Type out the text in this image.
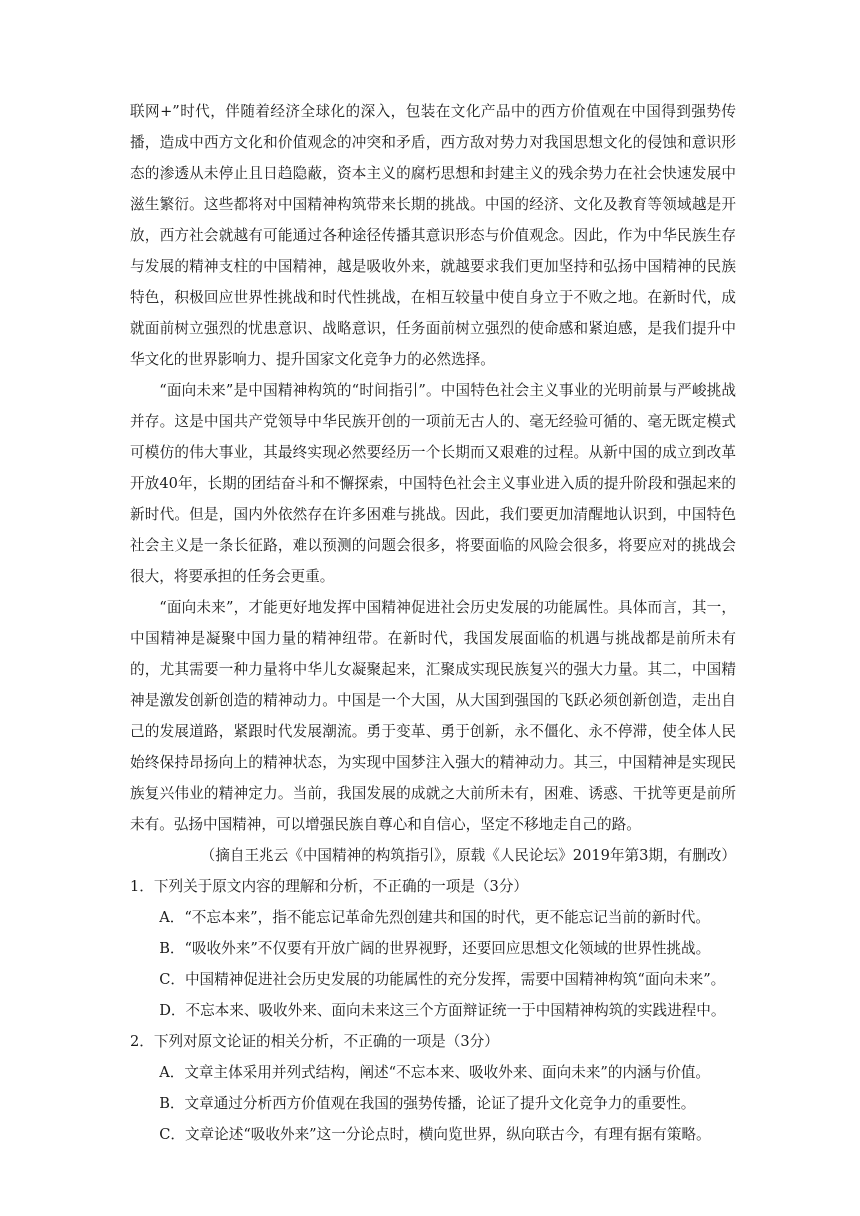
联网+”时代，伴随着经济全球化的深入，包装在文化产品中的西方价值观在中国得到强势传播，造成中西方文化和价值观念的冲突和矛盾，西方敌对势力对我国思想文化的侵蚀和意识形态的渗透从未停止且日趋隐蔽，资本主义的腐朽思想和封建主义的残余势力在社会快速发展中滋生繁衍。这些都将对中国精神构筑带来长期的挑战。中国的经济、文化及教育等领域越是开放，西方社会就越有可能通过各种途径传播其意识形态与价值观念。因此，作为中华民族生存与发展的精神支柱的中国精神，越是吸收外来，就越要求我们更加坚持和弘扬中国精神的民族特色，积极回应世界性挑战和时代性挑战，在相互较量中使自身立于不败之地。在新时代，成就面前树立强烈的忧患意识、战略意识，任务面前树立强烈的使命感和紧迫感，是我们提升中华文化的世界影响力、提升国家文化竞争力的必然选择。

“面向未来”是中国精神构筑的“时间指引”。中国特色社会主义事业的光明前景与严峻挑战并存。这是中国共产党领导中华民族开创的一项前无古人的、毫无经验可循的、毫无既定模式可模仿的伟大事业，其最终实现必然要经历一个长期而又艰难的过程。从新中国的成立到改革开放40年，长期的团结奋斗和不懈探索，中国特色社会主义事业进入质的提升阶段和强起来的新时代。但是，国内外依然存在许多困难与挑战。因此，我们要更加清醒地认识到，中国特色社会主义是一条长征路，难以预测的问题会很多，将要面临的风险会很多，将要应对的挑战会很大，将要承担的任务会更重。

“面向未来”，才能更好地发挥中国精神促进社会历史发展的功能属性。具体而言，其一，中国精神是凝聚中国力量的精神纽带。在新时代，我国发展面临的机遇与挑战都是前所未有的，尤其需要一种力量将中华儿女凝聚起来，汇聚成实现民族复兴的强大力量。其二，中国精神是激发创新创造的精神动力。中国是一个大国，从大国到强国的飞跃必须创新创造，走出自己的发展道路，紧跟时代发展潮流。勇于变革、勇于创新，永不僵化、永不停滞，使全体人民始终保持昂扬向上的精神状态，为实现中国梦注入强大的精神动力。其三，中国精神是实现民族复兴伟业的精神定力。当前，我国发展的成就之大前所未有，困难、诱惑、干扰等更是前所未有。弘扬中国精神，可以增强民族自尊心和自信心，坚定不移地走自己的路。

（摘自王兆云《中国精神的构筑指引》，原载《人民论坛》2019年第3期，有删改）

1．下列关于原文内容的理解和分析，不正确的一项是（3分）

A．“不忘本来”，指不能忘记革命先烈创建共和国的时代，更不能忘记当前的新时代。

B．“吸收外来”不仅要有开放广阔的世界视野，还要回应思想文化领域的世界性挑战。

C．中国精神促进社会历史发展的功能属性的充分发挥，需要中国精神构筑“面向未来”。

D．不忘本来、吸收外来、面向未来这三个方面辩证统一于中国精神构筑的实践进程中。

2．下列对原文论证的相关分析，不正确的一项是（3分）

A．文章主体采用并列式结构，阐述“不忘本来、吸收外来、面向未来”的内涵与价值。

B．文章通过分析西方价值观在我国的强势传播，论证了提升文化竞争力的重要性。

C．文章论述“吸收外来”这一分论点时，横向览世界，纵向联古今，有理有据有策略。
